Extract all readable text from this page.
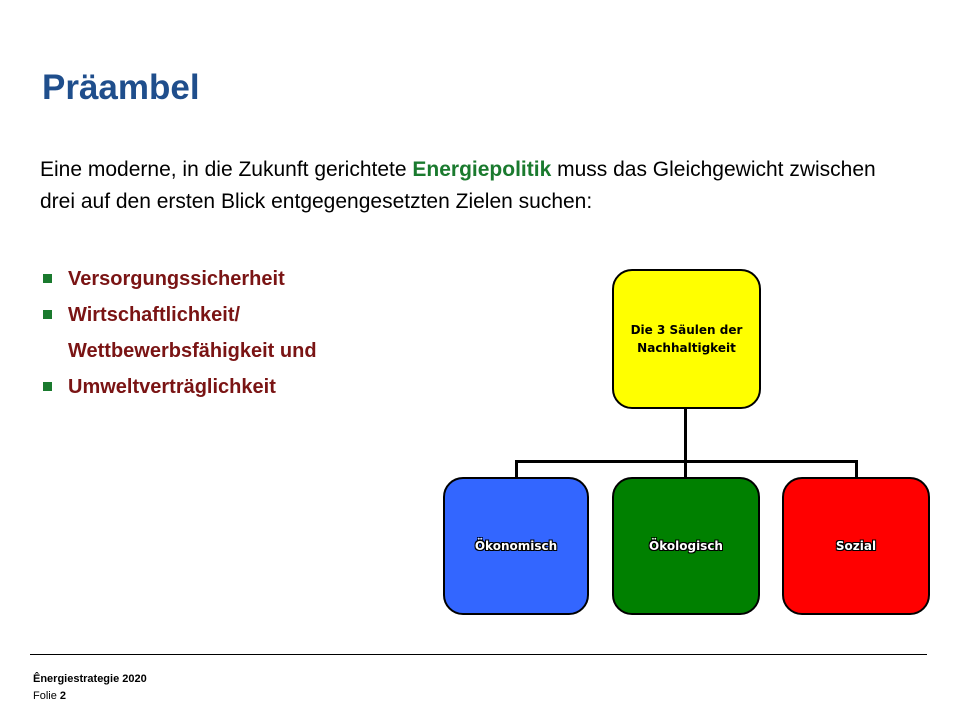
Präambel

Eine moderne, in die Zukunft gerichtete Energiepolitik muss das Gleichgewicht zwischen drei auf den ersten Blick entgegengesetzten Zielen suchen:

Versorgungssicherheit
Wirtschaftlichkeit/ Wettbewerbsfähigkeit und
Umweltverträglichkeit
Die 3 Säulen der
Nachhaltigkeit
Ökonomisch	Ökologisch	Sozial
Ênergiestrategie 2020
Folie 2
